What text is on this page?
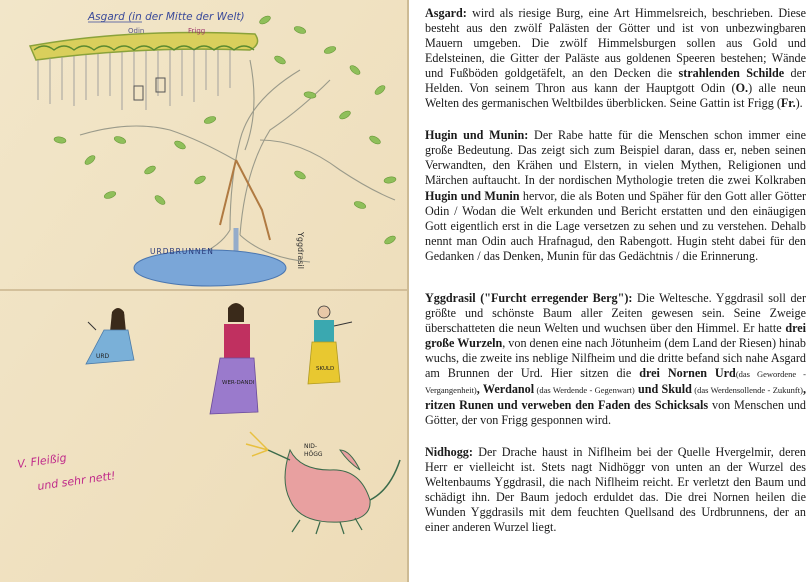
Asgard (in der Mitte der Welt)
Odin	Frigg
URDBRUNNEN	Yggdrasil
URD
WER-DANDI
SKULD
NID-
HÖGG
V. Fleißig
und sehr nett!

Asgard: wird als riesige Burg, eine Art Himmelsreich, beschrieben. Diese besteht aus den zwölf Palästen der Götter und ist von unbezwingbaren Mauern umgeben. Die zwölf Himmelsburgen sollen aus Gold und Edelsteinen, die Gitter der Paläste aus goldenen Speeren bestehen; Wände und Fußböden goldgetäfelt, an den Decken die strahlenden Schilde der Helden. Von seinem Thron aus kann der Hauptgott Odin (O.) alle neun Welten des germanischen Weltbildes überblicken. Seine Gattin ist Frigg (Fr.).

Hugin und Munin: Der Rabe hatte für die Menschen schon immer eine große Bedeutung. Das zeigt sich zum Beispiel daran, dass er, neben seinen Verwandten, den Krähen und Elstern, in vielen Mythen, Religionen und Märchen auftaucht. In der nordischen Mythologie treten die zwei Kolkraben Hugin und Munin hervor, die als Boten und Späher für den Gott aller Götter Odin / Wodan die Welt erkunden und Bericht erstatten und den einäugigen Gott eigentlich erst in die Lage versetzen zu sehen und zu verstehen. Dehalb nennt man Odin auch Hrafnagud, den Rabengott. Hugin steht dabei für den Gedanken / das Denken, Munin für das Gedächtnis / die Erinnerung.

Yggdrasil ("Furcht erregender Berg"): Die Weltesche. Yggdrasil soll der größte und schönste Baum aller Zeiten gewesen sein. Seine Zweige überschatteten die neun Welten und wuchsen über den Himmel. Er hatte drei große Wurzeln, von denen eine nach Jötunheim (dem Land der Riesen) hinab wuchs, die zweite ins neblige Nilfheim und die dritte befand sich nahe Asgard am Brunnen der Urd. Hier sitzen die drei Nornen Urd(das Gewordene - Vergangenheit), Werdanol (das Werdende - Gegenwart) und Skuld (das Werdensollende - Zukunft), ritzen Runen und verweben den Faden des Schicksals von Menschen und Götter, der von Frigg gesponnen wird.

Nidhogg: Der Drache haust in Niflheim bei der Quelle Hvergelmir, deren Herr er vielleicht ist. Stets nagt Nidhöggr von unten an der Wurzel des Weltenbaums Yggdrasil, die nach Niflheim reicht. Er verletzt den Baum und schädigt ihn. Der Baum jedoch erduldet das. Die drei Nornen heilen die Wunden Yggdrasils mit dem feuchten Quellsand des Urdbrunnens, der an einer anderen Wurzel liegt.
